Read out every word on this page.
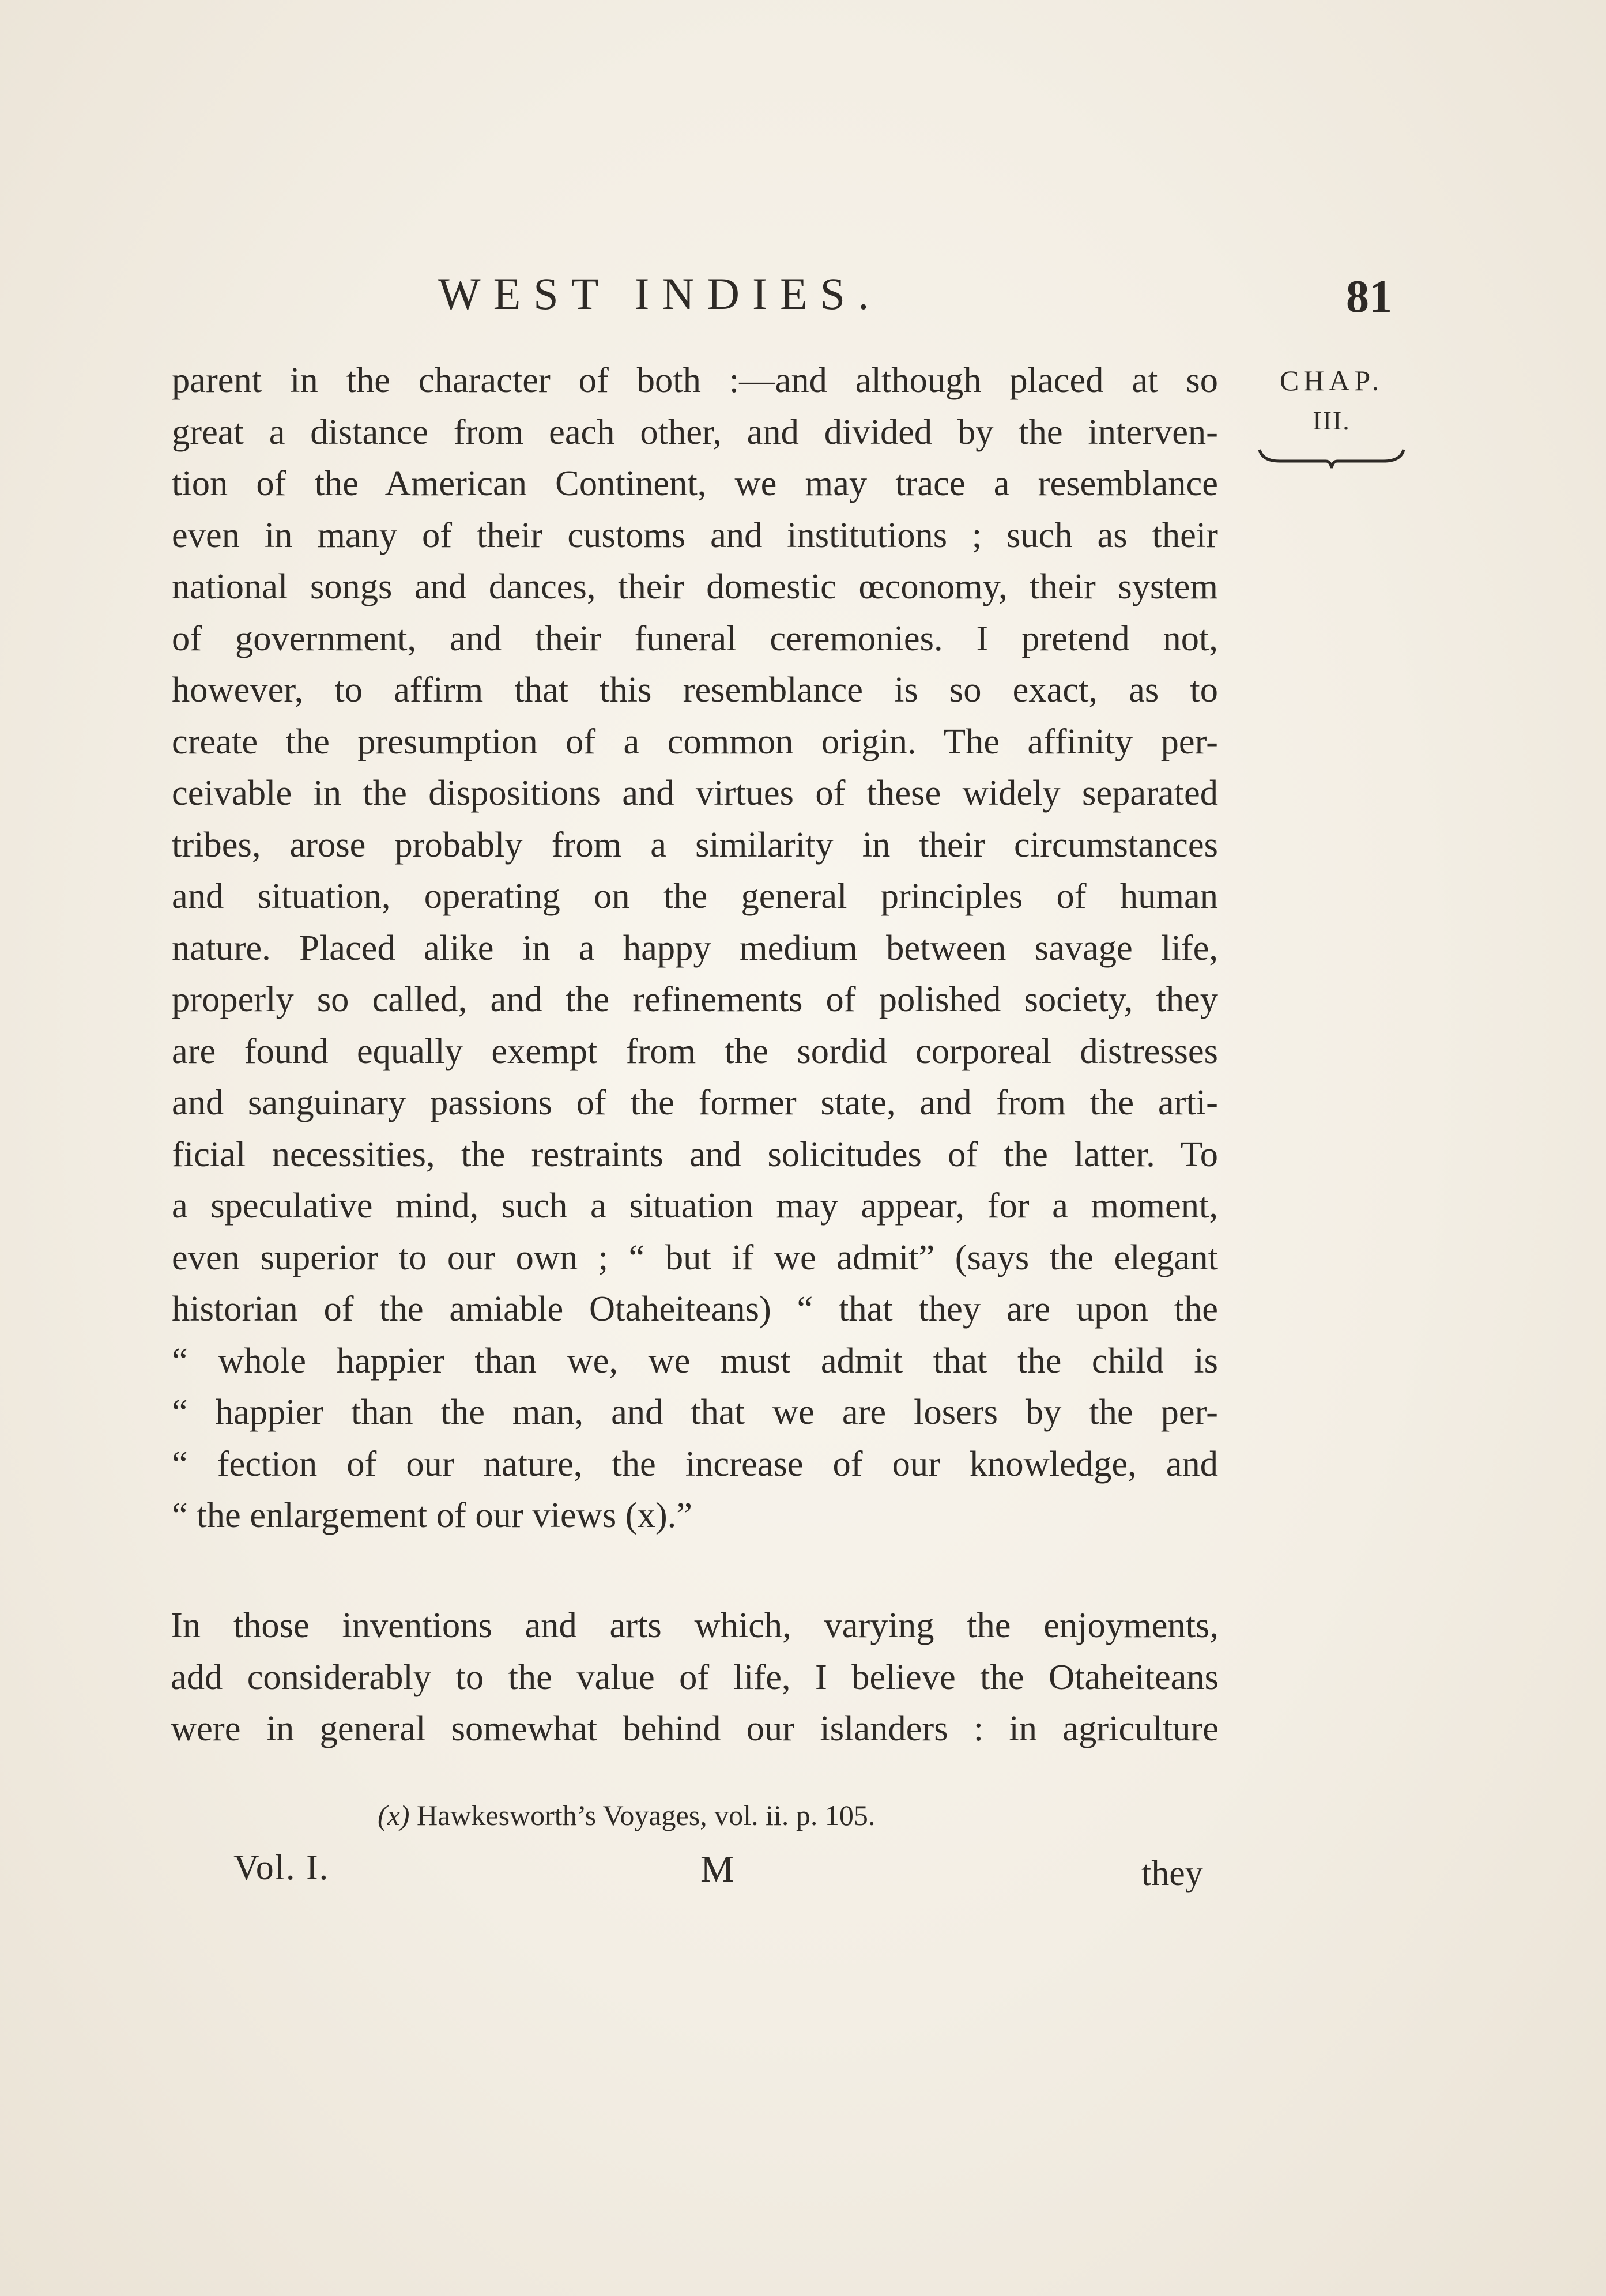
WEST INDIES.	81
CHAP.
III.
parent in the character of both :—and although placed at so
great a distance from each other, and divided by the interven-
tion of the American Continent, we may trace a resemblance
even in many of their customs and institutions ; such as their
national songs and dances, their domestic œconomy, their system
of government, and their funeral ceremonies. I pretend not,
however, to affirm that this resemblance is so exact, as to
create the presumption of a common origin. The affinity per-
ceivable in the dispositions and virtues of these widely separated
tribes, arose probably from a similarity in their circumstances
and situation, operating on the general principles of human
nature. Placed alike in a happy medium between savage life,
properly so called, and the refinements of polished society, they
are found equally exempt from the sordid corporeal distresses
and sanguinary passions of the former state, and from the arti-
ficial necessities, the restraints and solicitudes of the latter. To
a speculative mind, such a situation may appear, for a moment,
even superior to our own ; “ but if we admit” (says the elegant
historian of the amiable Otaheiteans) “ that they are upon the
“ whole happier than we, we must admit that the child is
“ happier than the man, and that we are losers by the per-
“ fection of our nature, the increase of our knowledge, and
“ the enlargement of our views (x).”
In those inventions and arts which, varying the enjoyments,
add considerably to the value of life, I believe the Otaheiteans
were in general somewhat behind our islanders : in agriculture
(x) Hawkesworth’s Voyages, vol. ii. p. 105.
Vol. I.	M	they
